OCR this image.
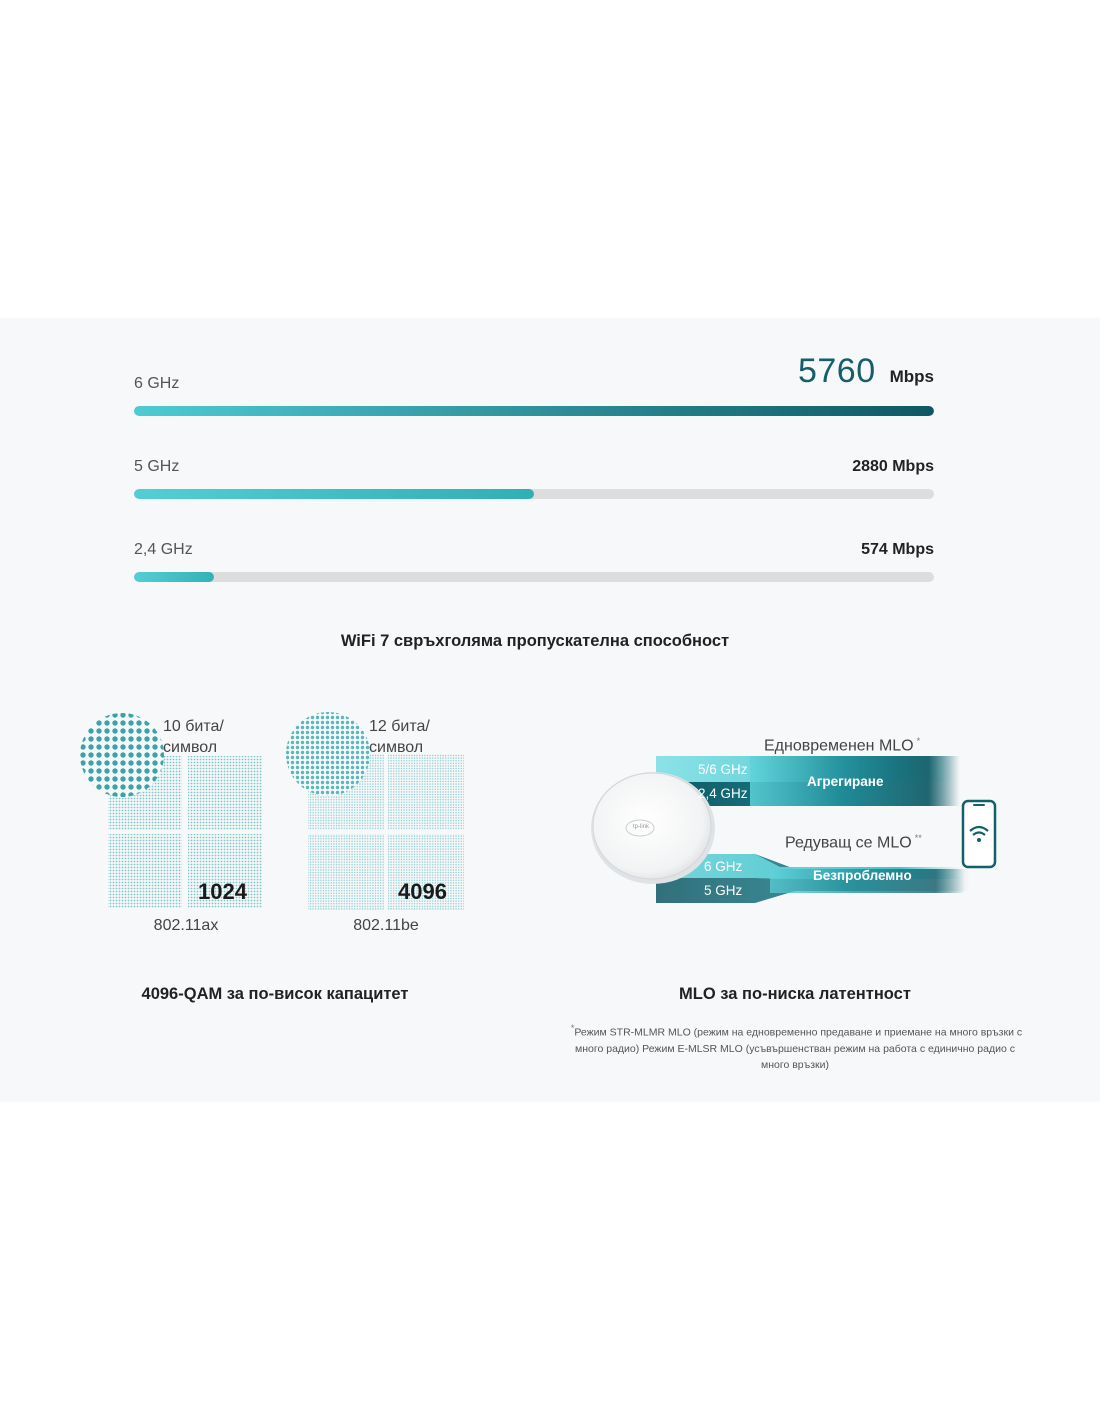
6 GHz	5760 Mbps
5 GHz	2880 Mbps
2,4 GHz	574 Mbps
WiFi 7 свръхголяма пропускателна способност
10 бита/ символ
12 бита/ символ
1024	4096
802.11ax	802.11be
4096-QAM за по-висок капацитет
tp-link
Едновременен MLO *
5/6 GHz
2,4 GHz
Агрегиране
Редуващ се MLO **
6 GHz
5 GHz
Безпроблемно
MLO за по-ниска латентност
*Режим STR-MLMR MLO (режим на едновременно предаване и приемане на много връзки с
много радио) Режим E-MLSR MLO (усъвършенстван режим на работа с единично радио с
много връзки)
